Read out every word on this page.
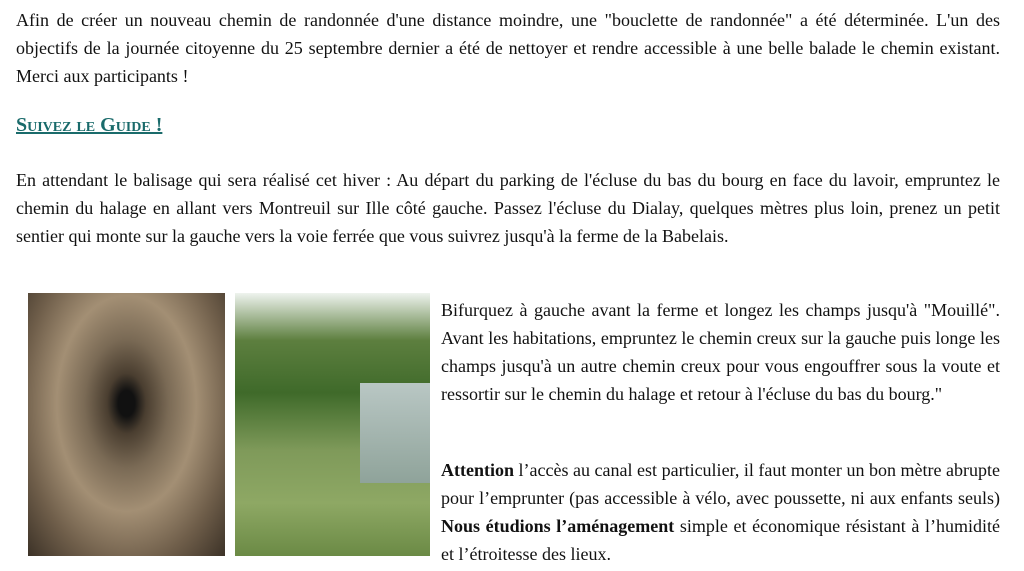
Afin de créer un nouveau chemin de randonnée d'une distance moindre, une "bouclette de randonnée" a été déterminée. L'un des objectifs de la journée citoyenne du 25 septembre dernier a été de nettoyer et rendre accessible à une belle balade le chemin existant. Merci aux participants !

Suivez le Guide !

En attendant le balisage qui sera réalisé cet hiver : Au départ du parking de l'écluse du bas du bourg en face du lavoir, empruntez le chemin du halage en allant vers Montreuil sur Ille côté gauche. Passez l'écluse du Dialay, quelques mètres plus loin, prenez un petit sentier qui monte sur la gauche vers la voie ferrée que vous suivrez jusqu'à la ferme de la Babelais.

Bifurquez à gauche avant la ferme et longez les champs jusqu'à "Mouillé". Avant les habitations, empruntez le chemin creux sur la gauche puis longe les champs jusqu'à un autre chemin creux pour vous engouffrer sous la voute et ressortir sur le chemin du halage et retour à l'écluse du bas du bourg."

Attention l’accès au canal est particulier, il faut monter un bon mètre abrupte pour l’emprunter (pas accessible à vélo, avec poussette, ni aux enfants seuls) Nous étudions l’aménagement simple et économique résistant à l’humidité et l’étroitesse des lieux.
